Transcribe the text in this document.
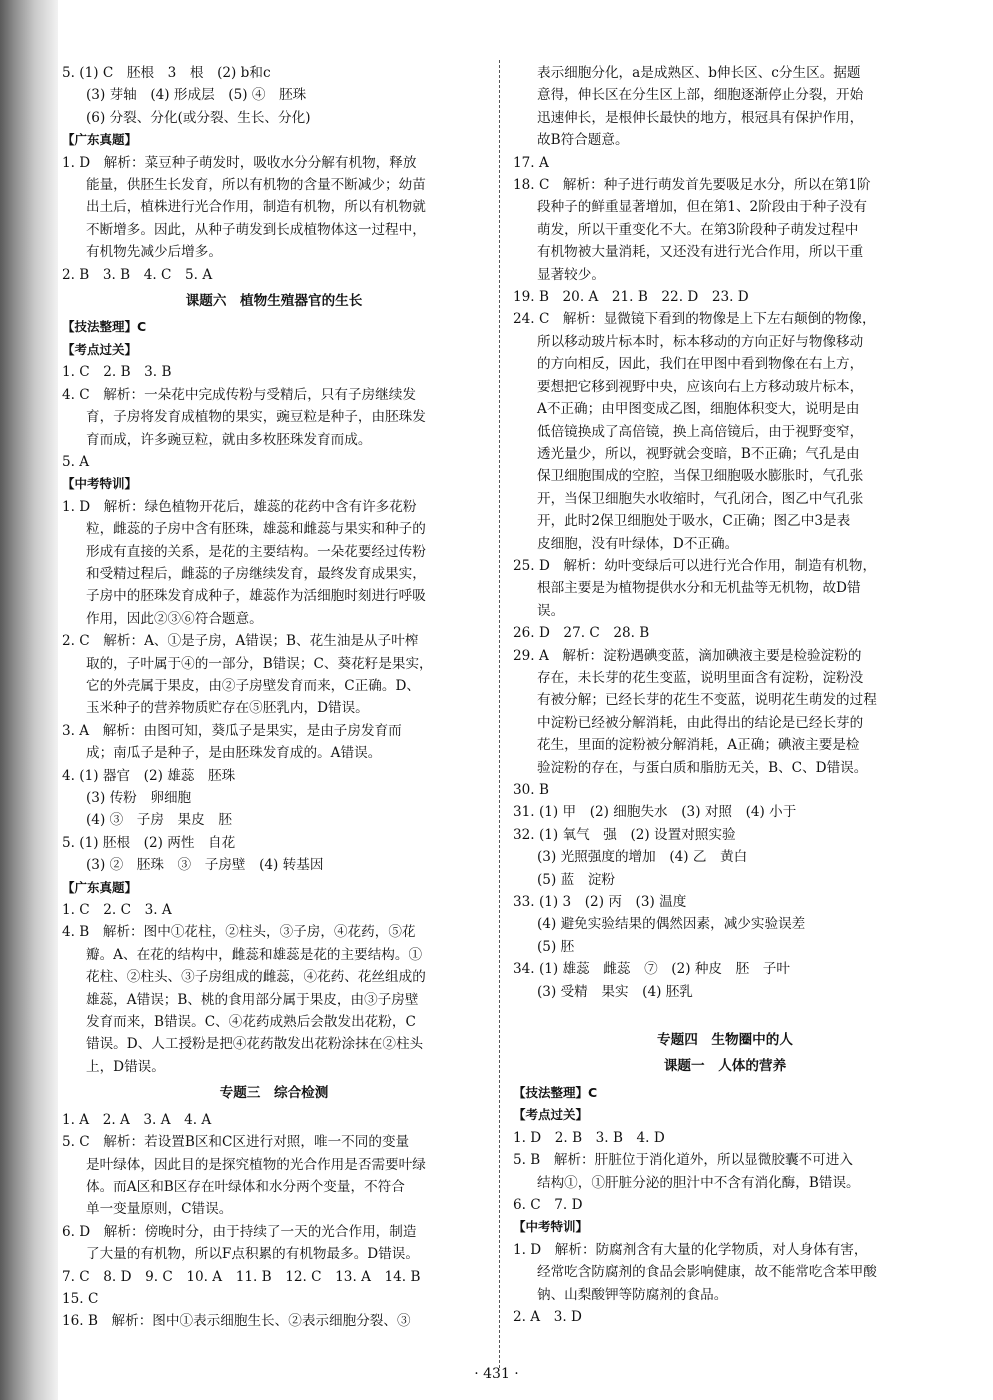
5. (1) C　胚根　3　根　(2) b和c
(3) 芽轴　(4) 形成层　(5) ④　胚珠
(6) 分裂、分化(或分裂、生长、分化)
【广东真题】
1. D　解析：菜豆种子萌发时，吸收水分分解有机物，释放
能量，供胚生长发育，所以有机物的含量不断减少；幼苗
出土后，植株进行光合作用，制造有机物，所以有机物就
不断增多。因此，从种子萌发到长成植物体这一过程中，
有机物先减少后增多。
2. B　3. B　4. C　5. A
课题六　植物生殖器官的生长
【技法整理】C
【考点过关】
1. C　2. B　3. B
4. C　解析：一朵花中完成传粉与受精后，只有子房继续发
育，子房将发育成植物的果实，豌豆粒是种子，由胚珠发
育而成，许多豌豆粒，就由多枚胚珠发育而成。
5. A
【中考特训】
1. D　解析：绿色植物开花后，雄蕊的花药中含有许多花粉
粒，雌蕊的子房中含有胚珠，雄蕊和雌蕊与果实和种子的
形成有直接的关系，是花的主要结构。一朵花要经过传粉
和受精过程后，雌蕊的子房继续发育，最终发育成果实，
子房中的胚珠发育成种子，雄蕊作为活细胞时刻进行呼吸
作用，因此②③⑥符合题意。
2. C　解析：A、①是子房，A错误；B、花生油是从子叶榨
取的，子叶属于④的一部分，B错误；C、葵花籽是果实，
它的外壳属于果皮，由②子房壁发育而来，C正确。D、
玉米种子的营养物质贮存在⑤胚乳内，D错误。
3. A　解析：由图可知，葵瓜子是果实，是由子房发育而
成；南瓜子是种子，是由胚珠发育成的。A错误。
4. (1) 器官　(2) 雄蕊　胚珠
(3) 传粉　卵细胞
(4) ③　子房　果皮　胚
5. (1) 胚根　(2) 两性　自花
(3) ②　胚珠　③　子房壁　(4) 转基因
【广东真题】
1. C　2. C　3. A
4. B　解析：图中①花柱，②柱头，③子房，④花药，⑤花
瓣。A、在花的结构中，雌蕊和雄蕊是花的主要结构。①
花柱、②柱头、③子房组成的雌蕊，④花药、花丝组成的
雄蕊，A错误；B、桃的食用部分属于果皮，由③子房壁
发育而来，B错误。C、④花药成熟后会散发出花粉，C
错误。D、人工授粉是把④花药散发出花粉涂抹在②柱头
上，D错误。
专题三　综合检测
1. A　2. A　3. A　4. A
5. C　解析：若设置B区和C区进行对照，唯一不同的变量
是叶绿体，因此目的是探究植物的光合作用是否需要叶绿
体。而A区和B区存在叶绿体和水分两个变量，不符合
单一变量原则，C错误。
6. D　解析：傍晚时分，由于持续了一天的光合作用，制造
了大量的有机物，所以F点积累的有机物最多。D错误。
7. C　8. D　9. C　10. A　11. B　12. C　13. A　14. B
15. C
16. B　解析：图中①表示细胞生长、②表示细胞分裂、③
表示细胞分化，a是成熟区、b伸长区、c分生区。据题
意得，伸长区在分生区上部，细胞逐渐停止分裂，开始
迅速伸长，是根伸长最快的地方，根冠具有保护作用，
故B符合题意。
17. A
18. C　解析：种子进行萌发首先要吸足水分，所以在第1阶
段种子的鲜重显著增加，但在第1、2阶段由于种子没有
萌发，所以干重变化不大。在第3阶段种子萌发过程中
有机物被大量消耗，又还没有进行光合作用，所以干重
显著较少。
19. B　20. A　21. B　22. D　23. D
24. C　解析：显微镜下看到的物像是上下左右颠倒的物像，
所以移动玻片标本时，标本移动的方向正好与物像移动
的方向相反，因此，我们在甲图中看到物像在右上方，
要想把它移到视野中央，应该向右上方移动玻片标本，
A不正确；由甲图变成乙图，细胞体积变大，说明是由
低倍镜换成了高倍镜，换上高倍镜后，由于视野变窄，
透光量少，所以，视野就会变暗，B不正确；气孔是由
保卫细胞围成的空腔，当保卫细胞吸水膨胀时，气孔张
开，当保卫细胞失水收缩时，气孔闭合，图乙中气孔张
开，此时2保卫细胞处于吸水，C正确；图乙中3是表
皮细胞，没有叶绿体，D不正确。
25. D　解析：幼叶变绿后可以进行光合作用，制造有机物，
根部主要是为植物提供水分和无机盐等无机物，故D错
误。
26. D　27. C　28. B
29. A　解析：淀粉遇碘变蓝，滴加碘液主要是检验淀粉的
存在，未长芽的花生变蓝，说明里面含有淀粉，淀粉没
有被分解；已经长芽的花生不变蓝，说明花生萌发的过程
中淀粉已经被分解消耗，由此得出的结论是已经长芽的
花生，里面的淀粉被分解消耗，A正确；碘液主要是检
验淀粉的存在，与蛋白质和脂肪无关，B、C、D错误。
30. B
31. (1) 甲　(2) 细胞失水　(3) 对照　(4) 小于
32. (1) 氧气　强　(2) 设置对照实验
(3) 光照强度的增加　(4) 乙　黄白
(5) 蓝　淀粉
33. (1) 3　(2) 丙　(3) 温度
(4) 避免实验结果的偶然因素，减少实验误差
(5) 胚
34. (1) 雄蕊　雌蕊　⑦　(2) 种皮　胚　子叶
(3) 受精　果实　(4) 胚乳
专题四　生物圈中的人
课题一　人体的营养
【技法整理】C
【考点过关】
1. D　2. B　3. B　4. D
5. B　解析：肝脏位于消化道外，所以显微胶囊不可进入
结构①，①肝脏分泌的胆汁中不含有消化酶，B错误。
6. C　7. D
【中考特训】
1. D　解析：防腐剂含有大量的化学物质，对人身体有害，
经常吃含防腐剂的食品会影响健康，故不能常吃含苯甲酸
钠、山梨酸钾等防腐剂的食品。
2. A　3. D
· 431 ·
